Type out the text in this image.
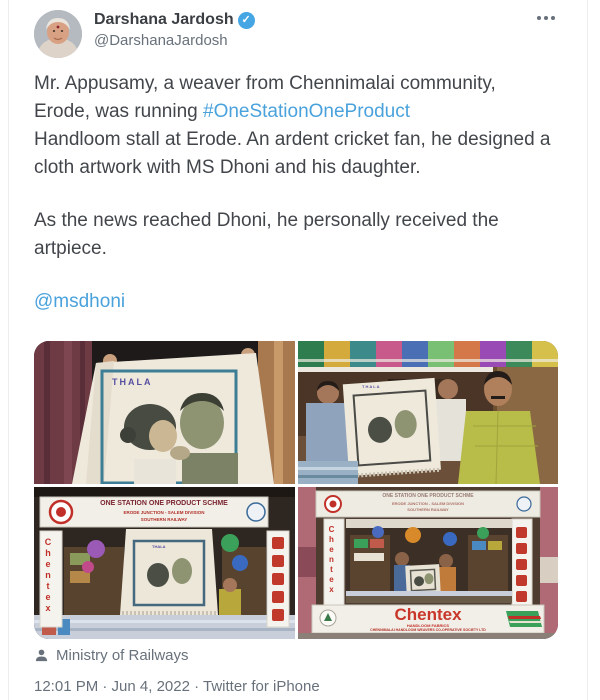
Darshana Jardosh ✓
@DarshanaJardosh

Mr. Appusamy, a weaver from Chennimalai community, Erode, was running #OneStationOneProduct
Handloom stall at Erode. An ardent cricket fan, he designed a cloth artwork with MS Dhoni and his daughter.

As the news reached Dhoni, he personally received the artpiece.

@msdhoni

THALA	THALA
ONE STATION ONE PRODUCT SCHME
ERODE JUNCTION - SALEM DIVISION
SOUTHERN RAILWAY
Chentex	THALA
ONE STATION ONE PRODUCT SCHME
ERODE JUNCTION - SALEM DIVISION
SOUTHERN RAILWAY
Chentex
Chentex
HANDLOOM FABRICS
CHENNIMALAI HANDLOOM WEAVERS CO-OPERATIVE SOCIETY LTD
Ministry of Railways
12:01 PM · Jun 4, 2022 · Twitter for iPhone
